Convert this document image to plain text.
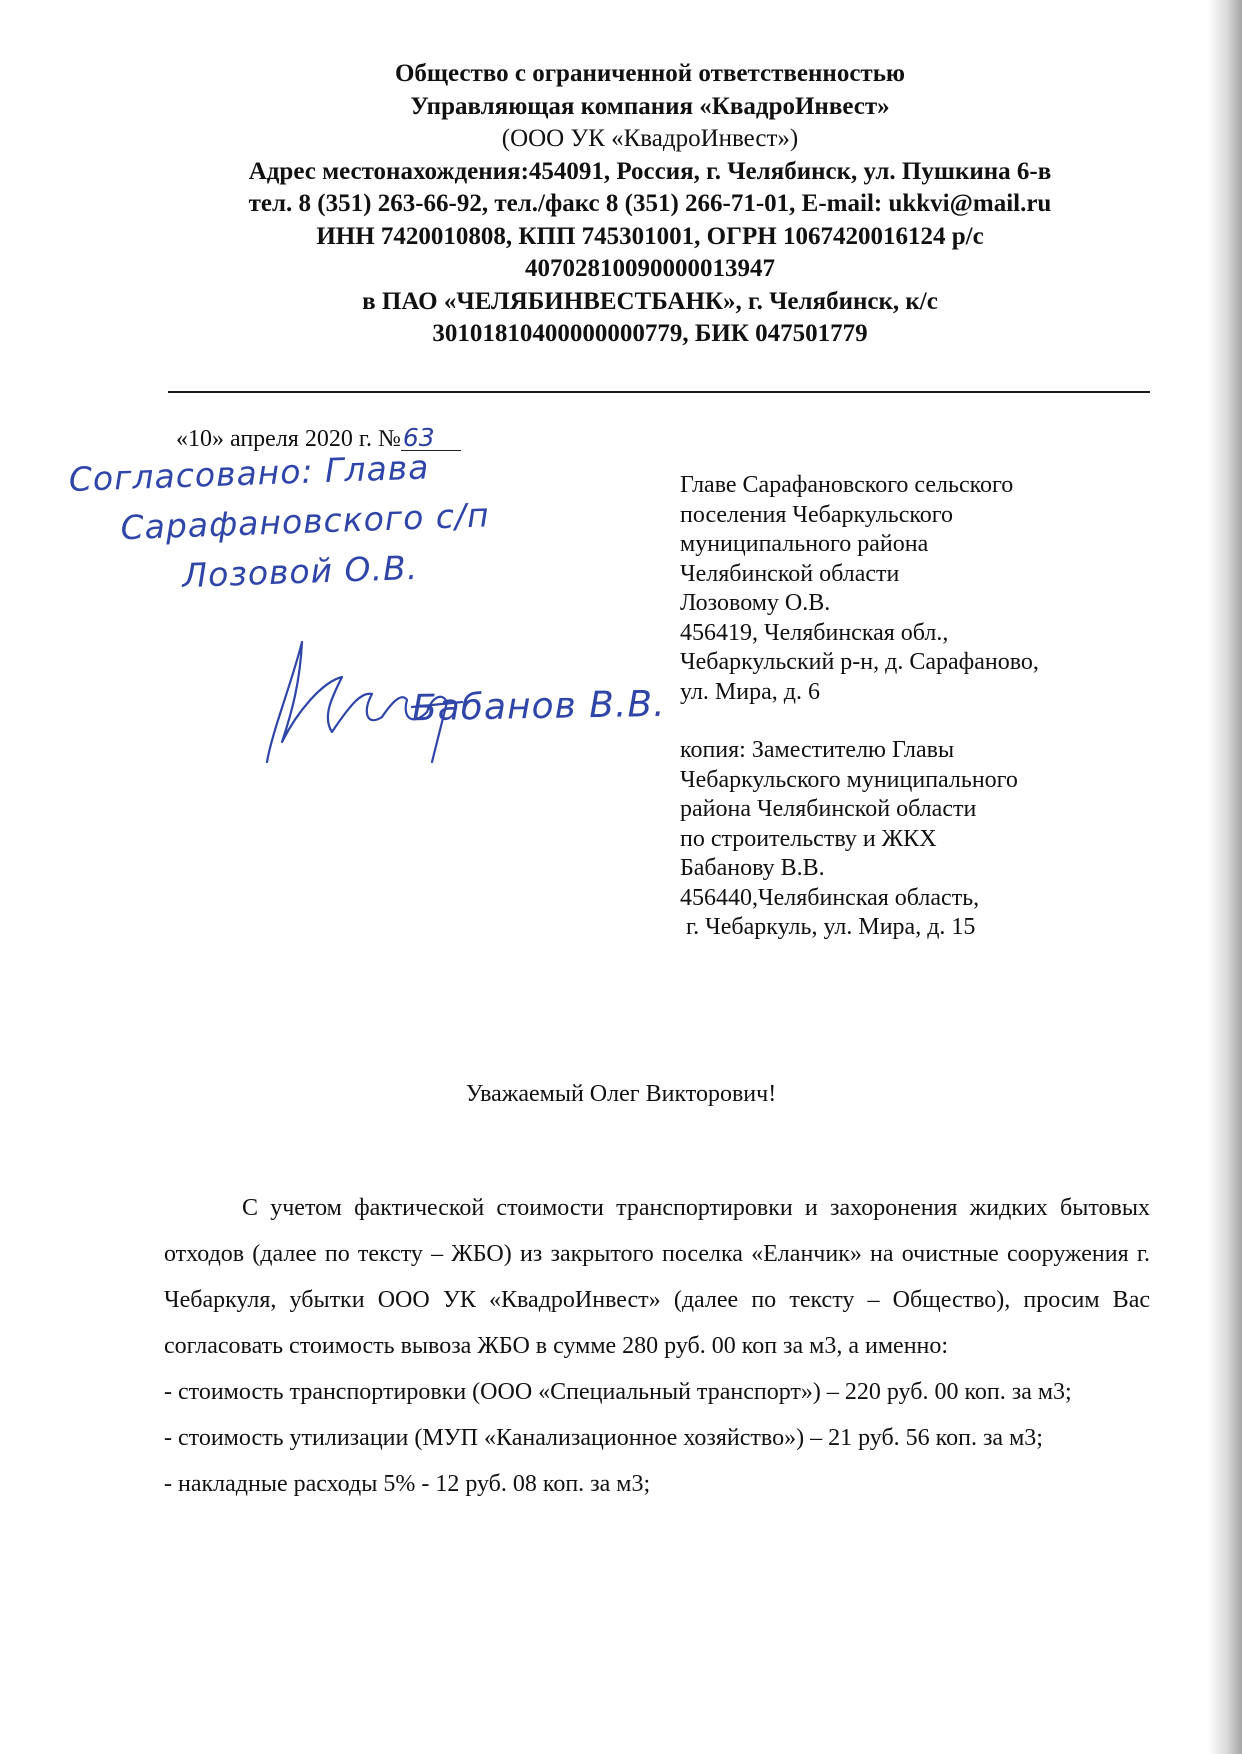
Общество с ограниченной ответственностью
Управляющая компания «КвадроИнвест»
(ООО УК «КвадроИнвест»)
Адрес местонахождения:454091, Россия, г. Челябинск, ул. Пушкина 6-в
тел. 8 (351) 263-66-92, тел./факс 8 (351) 266-71-01, E-mail: ukkvi@mail.ru
ИНН 7420010808, КПП 745301001, ОГРН 1067420016124 р/с
40702810090000013947
в ПАО «ЧЕЛЯБИНВЕСТБАНК», г. Челябинск, к/с
30101810400000000779, БИК 047501779
«10» апреля 2020 г. №63
Согласовано: Глава
Сарафановского с/п
Лозовой О.В.
Бабанов В.В.
Главе Сарафановского сельского
поселения Чебаркульского
муниципального района
Челябинской области
Лозовому О.В.
456419, Челябинская обл.,
Чебаркульский р-н, д. Сарафаново,
ул. Мира, д. 6
копия: Заместителю Главы
Чебаркульского муниципального
района Челябинской области
по строительству и ЖКХ
Бабанову В.В.
456440,Челябинская область,
г. Чебаркуль, ул. Мира, д. 15
Уважаемый Олег Викторович!

С учетом фактической стоимости транспортировки и захоронения жидких бытовых отходов (далее по тексту – ЖБО) из закрытого поселка «Еланчик» на очистные сооружения г. Чебаркуля, убытки ООО УК «КвадроИнвест» (далее по тексту – Общество), просим Вас согласовать стоимость вывоза ЖБО в сумме 280 руб. 00 коп за м3, а именно:

- стоимость транспортировки (ООО «Специальный транспорт») – 220 руб. 00 коп. за м3;

- стоимость утилизации (МУП «Канализационное хозяйство») – 21 руб. 56 коп. за м3;

- накладные расходы 5% - 12 руб. 08 коп. за м3;
